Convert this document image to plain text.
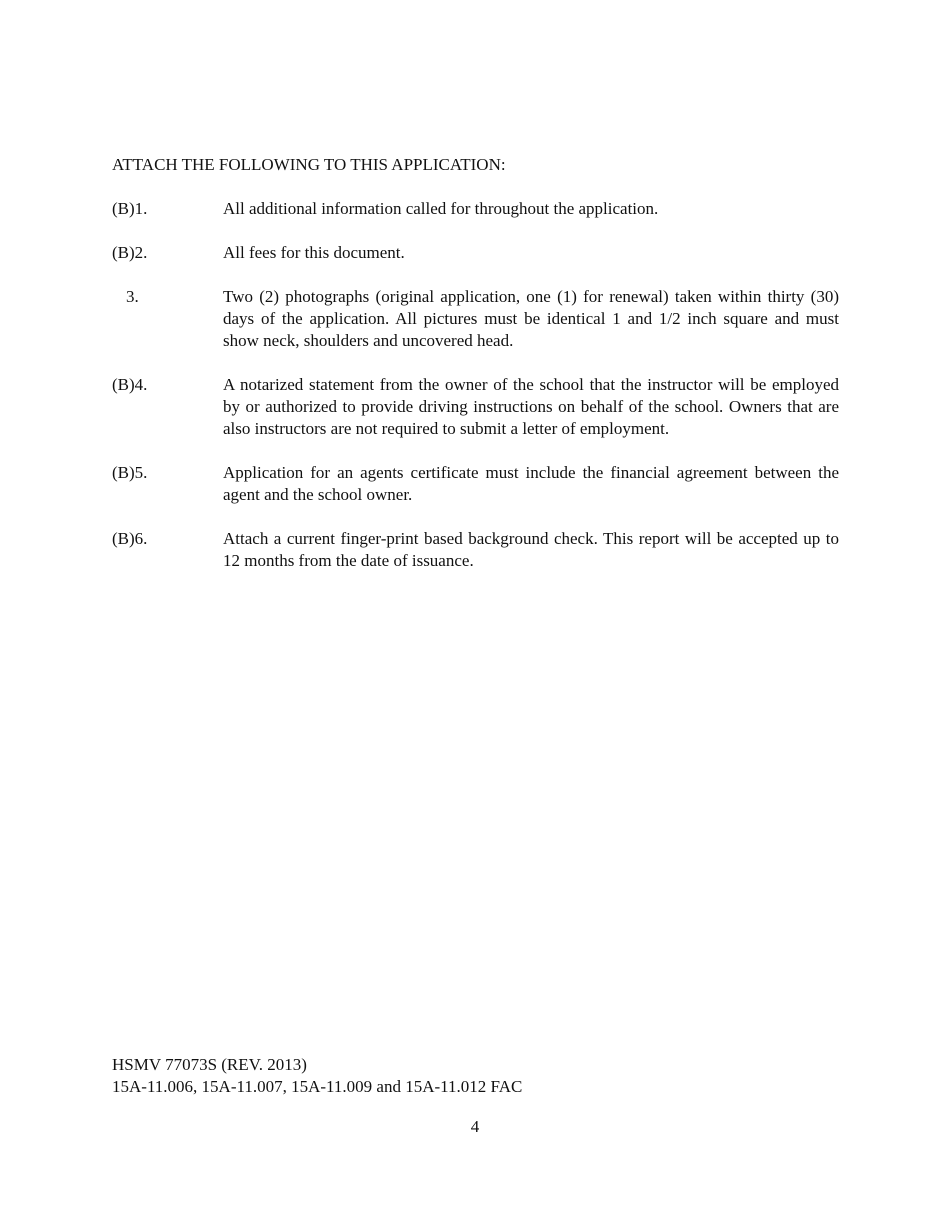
ATTACH THE FOLLOWING TO THIS APPLICATION:
(B)1.	All additional information called for throughout the application.
(B)2.	All fees for this document.
3.	Two (2) photographs (original application, one (1) for renewal) taken within thirty (30) days of the application. All pictures must be identical 1 and 1/2 inch square and must show neck, shoulders and uncovered head.
(B)4.	A notarized statement from the owner of the school that the instructor will be employed by or authorized to provide driving instructions on behalf of the school. Owners that are also instructors are not required to submit a letter of employment.
(B)5.	Application for an agents certificate must include the financial agreement between the agent and the school owner.
(B)6.	Attach a current finger-print based background check. This report will be accepted up to 12 months from the date of issuance.
HSMV 77073S (REV. 2013)
15A-11.006, 15A-11.007, 15A-11.009 and 15A-11.012 FAC
4
